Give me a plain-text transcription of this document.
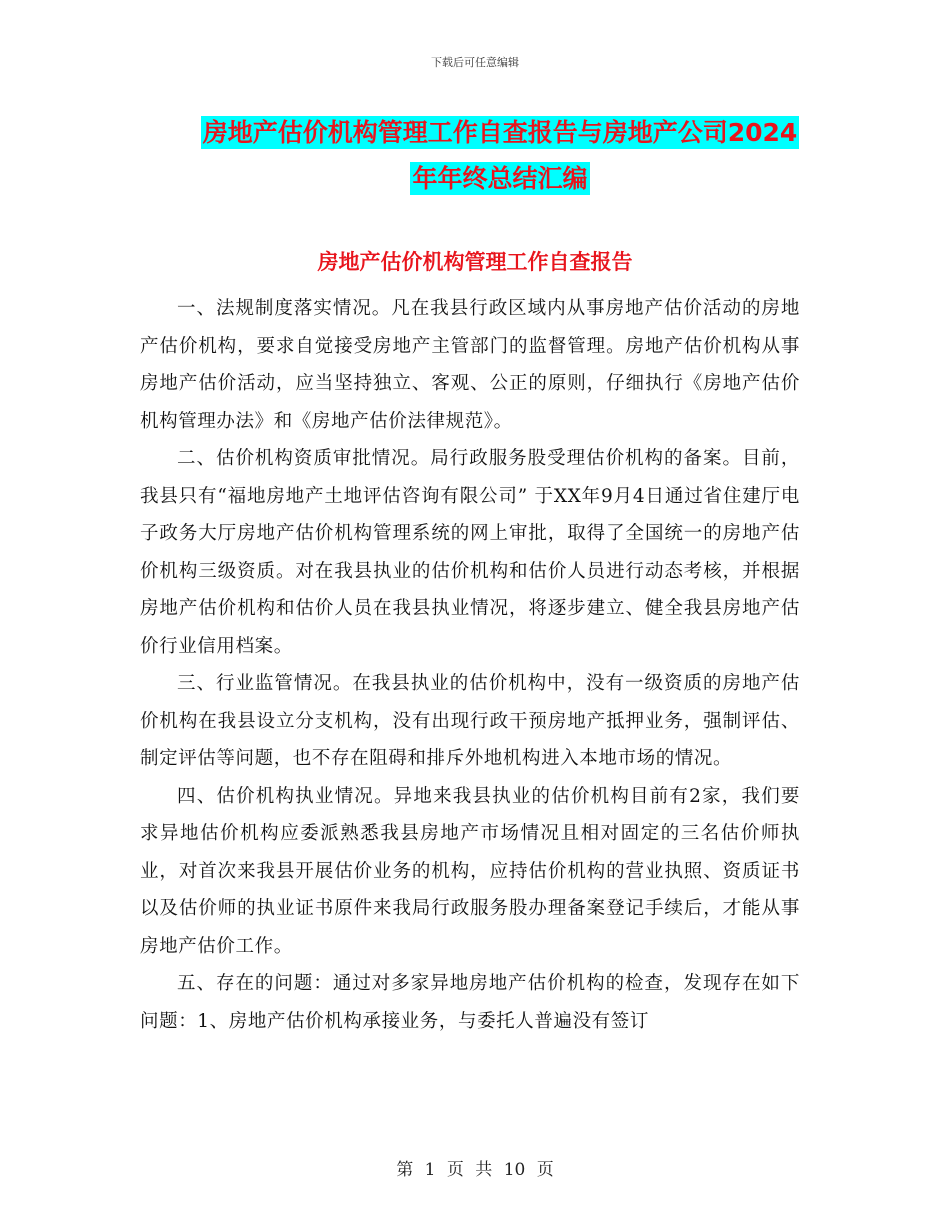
下载后可任意编辑
房地产估价机构管理工作自查报告与房地产公司2024
年年终总结汇编
房地产估价机构管理工作自查报告

一、法规制度落实情况。凡在我县行政区域内从事房地产估价活动的房地产估价机构，要求自觉接受房地产主管部门的监督管理。房地产估价机构从事房地产估价活动，应当坚持独立、客观、公正的原则，仔细执行《房地产估价机构管理办法》和《房地产估价法律规范》。

二、估价机构资质审批情况。局行政服务股受理估价机构的备案。目前，我县只有“福地房地产土地评估咨询有限公司” 于XX年9月4日通过省住建厅电子政务大厅房地产估价机构管理系统的网上审批，取得了全国统一的房地产估价机构三级资质。对在我县执业的估价机构和估价人员进行动态考核，并根据房地产估价机构和估价人员在我县执业情况，将逐步建立、健全我县房地产估价行业信用档案。

三、行业监管情况。在我县执业的估价机构中，没有一级资质的房地产估价机构在我县设立分支机构，没有出现行政干预房地产抵押业务，强制评估、制定评估等问题，也不存在阻碍和排斥外地机构进入本地市场的情况。

四、估价机构执业情况。异地来我县执业的估价机构目前有2家，我们要求异地估价机构应委派熟悉我县房地产市场情况且相对固定的三名估价师执业，对首次来我县开展估价业务的机构，应持估价机构的营业执照、资质证书以及估价师的执业证书原件来我局行政服务股办理备案登记手续后，才能从事房地产估价工作。

五、存在的问题：通过对多家异地房地产估价机构的检查，发现存在如下问题：1、房地产估价机构承接业务，与委托人普遍没有签订

第 1 页 共 10 页
